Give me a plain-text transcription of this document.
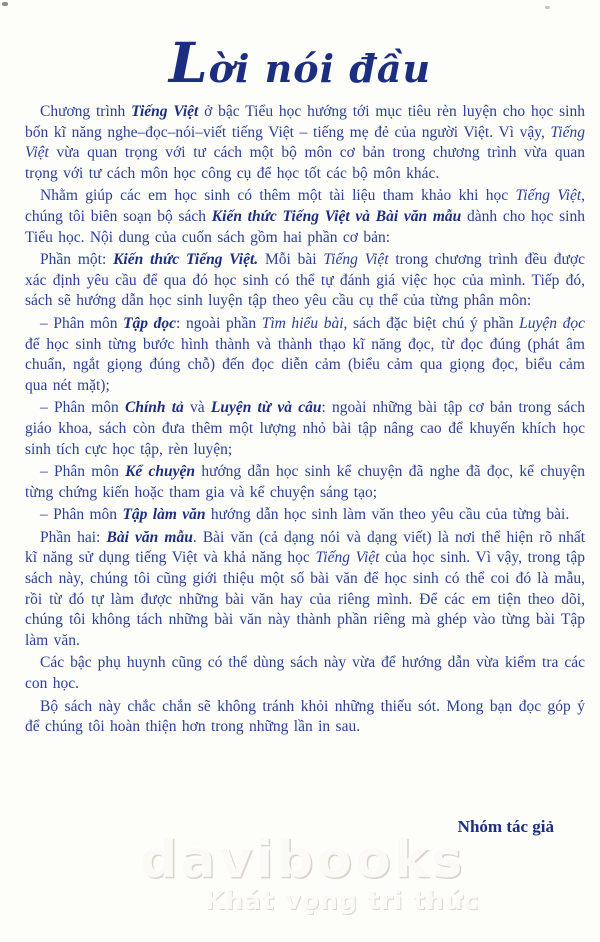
davibooks
Khát vọng tri thức
Lời nói đầu

Chương trình Tiếng Việt ở bậc Tiểu học hướng tới mục tiêu rèn luyện cho học sinh bốn kĩ năng nghe–đọc–nói–viết tiếng Việt – tiếng mẹ đẻ của người Việt. Vì vậy, Tiếng Việt vừa quan trọng với tư cách một bộ môn cơ bản trong chương trình vừa quan trọng với tư cách môn học công cụ để học tốt các bộ môn khác.

Nhằm giúp các em học sinh có thêm một tài liệu tham khảo khi học Tiếng Việt, chúng tôi biên soạn bộ sách Kiến thức Tiếng Việt và Bài văn mẫu dành cho học sinh Tiểu học. Nội dung của cuốn sách gồm hai phần cơ bản:

Phần một: Kiến thức Tiếng Việt. Mỗi bài Tiếng Việt trong chương trình đều được xác định yêu cầu để qua đó học sinh có thể tự đánh giá việc học của mình. Tiếp đó, sách sẽ hướng dẫn học sinh luyện tập theo yêu cầu cụ thể của từng phân môn:

– Phân môn Tập đọc: ngoài phần Tìm hiểu bài, sách đặc biệt chú ý phần Luyện đọc để học sinh từng bước hình thành và thành thạo kĩ năng đọc, từ đọc đúng (phát âm chuẩn, ngắt giọng đúng chỗ) đến đọc diễn cảm (biểu cảm qua giọng đọc, biểu cảm qua nét mặt);

– Phân môn Chính tả và Luyện từ và câu: ngoài những bài tập cơ bản trong sách giáo khoa, sách còn đưa thêm một lượng nhỏ bài tập nâng cao để khuyến khích học sinh tích cực học tập, rèn luyện;

– Phân môn Kể chuyện hướng dẫn học sinh kể chuyện đã nghe đã đọc, kể chuyện từng chứng kiến hoặc tham gia và kể chuyện sáng tạo;

– Phân môn Tập làm văn hướng dẫn học sinh làm văn theo yêu cầu của từng bài.

Phần hai: Bài văn mẫu. Bài văn (cả dạng nói và dạng viết) là nơi thể hiện rõ nhất kĩ năng sử dụng tiếng Việt và khả năng học Tiếng Việt của học sinh. Vì vậy, trong tập sách này, chúng tôi cũng giới thiệu một số bài văn để học sinh có thể coi đó là mẫu, rồi từ đó tự làm được những bài văn hay của riêng mình. Để các em tiện theo dõi, chúng tôi không tách những bài văn này thành phần riêng mà ghép vào từng bài Tập làm văn.

Các bậc phụ huynh cũng có thể dùng sách này vừa để hướng dẫn vừa kiểm tra các con học.

Bộ sách này chắc chắn sẽ không tránh khỏi những thiếu sót. Mong bạn đọc góp ý để chúng tôi hoàn thiện hơn trong những lần in sau.

Nhóm tác giả
